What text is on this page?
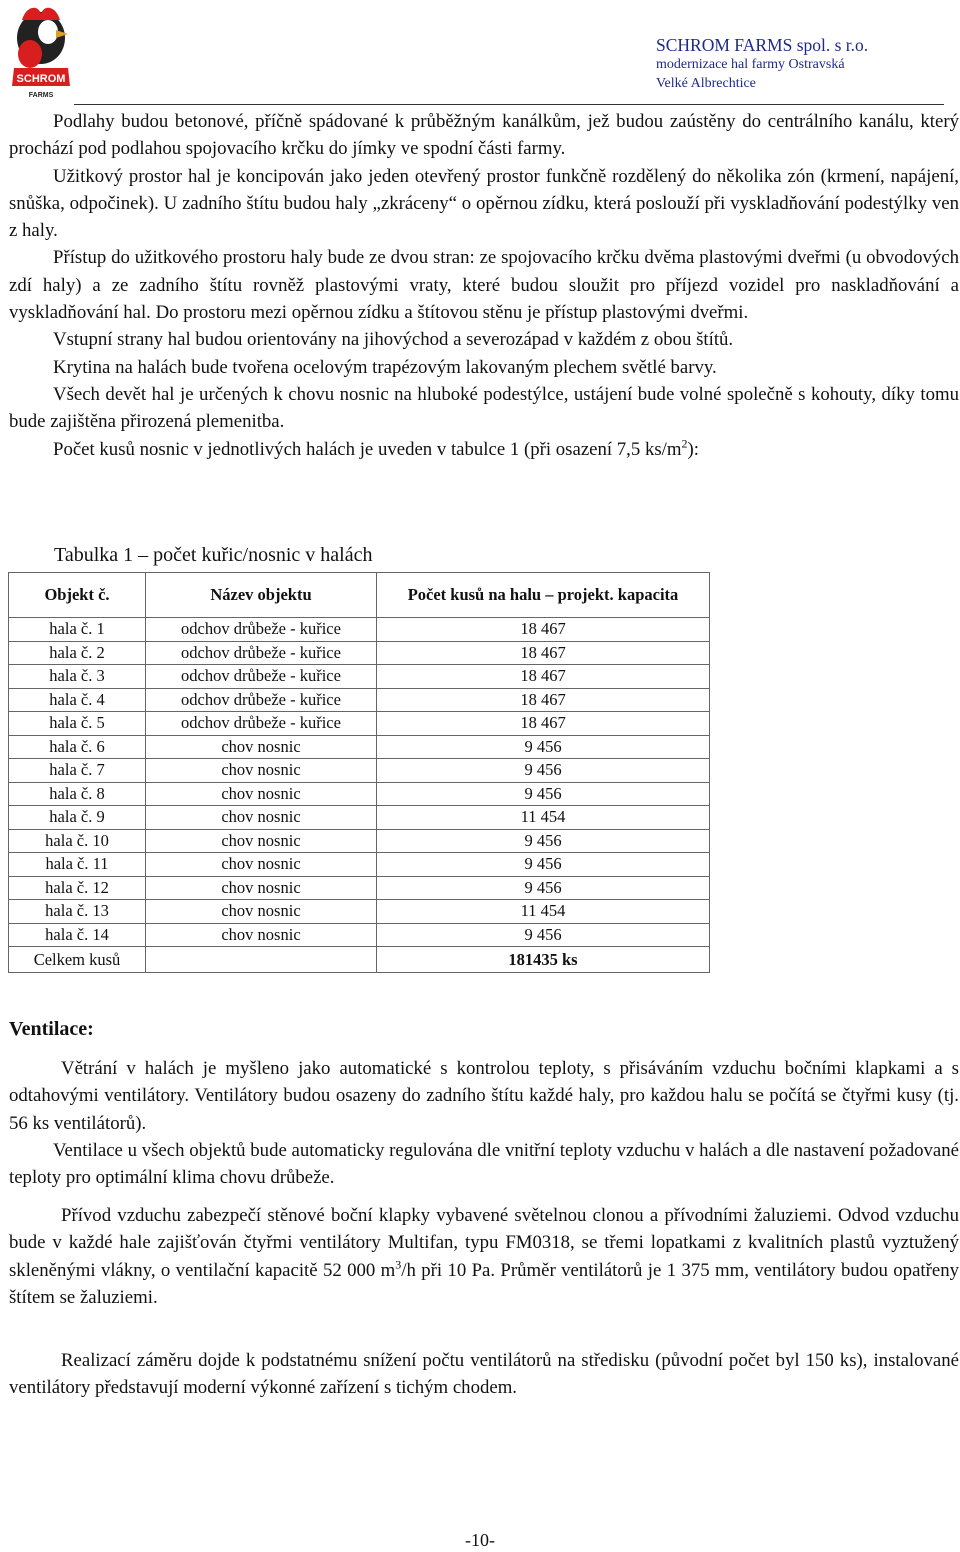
SCHROM
FARMS
SCHROM FARMS spol. s r.o.
modernizace hal farmy Ostravská
Velké Albrechtice

Podlahy budou betonové, příčně spádované k průběžným kanálkům, jež budou zaústěny do centrálního kanálu, který prochází pod podlahou spojovacího krčku do jímky ve spodní části farmy.

Užitkový prostor hal je koncipován jako jeden otevřený prostor funkčně rozdělený do několika zón (krmení, napájení, snůška, odpočinek). U zadního štítu budou haly „zkráceny“ o opěrnou zídku, která poslouží při vyskladňování podestýlky ven z haly.

Přístup do užitkového prostoru haly bude ze dvou stran: ze spojovacího krčku dvěma plastovými dveřmi (u obvodových zdí haly) a ze zadního štítu rovněž plastovými vraty, které budou sloužit pro příjezd vozidel pro naskladňování a vyskladňování hal. Do prostoru mezi opěrnou zídku a štítovou stěnu je přístup plastovými dveřmi.

Vstupní strany hal budou orientovány na jihovýchod a severozápad v každém z obou štítů.

Krytina na halách bude tvořena ocelovým trapézovým lakovaným plechem světlé barvy.

Všech devět hal je určených k chovu nosnic na hluboké podestýlce, ustájení bude volné společně s kohouty, díky tomu bude zajištěna přirozená plemenitba.

Počet kusů nosnic v jednotlivých halách je uveden v tabulce 1 (při osazení 7,5 $ks/m^2$):

Tabulka 1 – počet kuřic/nosnic v halách
Objekt č.	Název objektu	Počet kusů na halu – projekt. kapacita
hala č. 1	odchov drůbeže - kuřice	18 467
hala č. 2	odchov drůbeže - kuřice	18 467
hala č. 3	odchov drůbeže - kuřice	18 467
hala č. 4	odchov drůbeže - kuřice	18 467
hala č. 5	odchov drůbeže - kuřice	18 467
hala č. 6	chov nosnic	9 456
hala č. 7	chov nosnic	9 456
hala č. 8	chov nosnic	9 456
hala č. 9	chov nosnic	11 454
hala č. 10	chov nosnic	9 456
hala č. 11	chov nosnic	9 456
hala č. 12	chov nosnic	9 456
hala č. 13	chov nosnic	11 454
hala č. 14	chov nosnic	9 456
Celkem kusů		181435 ks
Ventilace:

Větrání v halách je myšleno jako automatické s kontrolou teploty, s přisáváním vzduchu bočními klapkami a s odtahovými ventilátory. Ventilátory budou osazeny do zadního štítu každé haly, pro každou halu se počítá se čtyřmi kusy (tj. 56 ks ventilátorů).

Ventilace u všech objektů bude automaticky regulována dle vnitřní teploty vzduchu v halách a dle nastavení požadované teploty pro optimální klima chovu drůbeže.

Přívod vzduchu zabezpečí stěnové boční klapky vybavené světelnou clonou a přívodními žaluziemi. Odvod vzduchu bude v každé hale zajišťován čtyřmi ventilátory Multifan, typu FM0318, se třemi lopatkami z kvalitních plastů vyztužený skleněnými vlákny, o ventilační kapacitě 52 000 $m^3/h$ při 10 Pa. Průměr ventilátorů je 1 375 mm, ventilátory budou opatřeny štítem se žaluziemi.

Realizací záměru dojde k podstatnému snížení počtu ventilátorů na středisku (původní počet byl 150 ks), instalované ventilátory představují moderní výkonné zařízení s tichým chodem.

-10-
